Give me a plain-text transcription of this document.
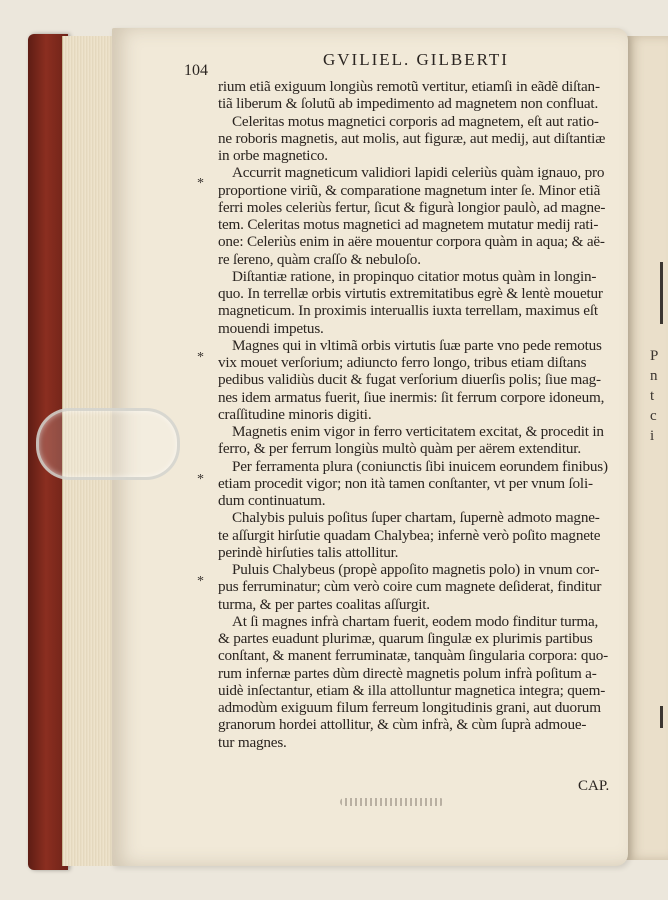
P
n
t
c
i
104
GVILIEL. GILBERTI
*
*
*
*
rium etiã exiguum longiùs remotũ vertitur, etiamſi in eãdẽ diſtan-
tiã liberum & ſolutũ ab impedimento ad magnetem non confluat.
Celeritas motus magnetici corporis ad magnetem, eſt aut ratio-
ne roboris magnetis, aut molis, aut figuræ, aut medij, aut diſtantiæ
in orbe magnetico.
Accurrit magneticum validiori lapidi celeriùs quàm ignauo, pro
proportione viriũ, & comparatione magnetum inter ſe. Minor etiã
ferri moles celeriùs fertur, ſicut & figurà longior paulò, ad magne-
tem. Celeritas motus magnetici ad magnetem mutatur medij rati-
one: Celeriùs enim in aëre mouentur corpora quàm in aqua; & aë-
re ſereno, quàm craſſo & nebuloſo.
Diſtantiæ ratione, in propinquo citatior motus quàm in longin-
quo. In terrellæ orbis virtutis extremitatibus egrè & lentè mouetur
magneticum. In proximis interuallis iuxta terrellam, maximus eſt
mouendi impetus.
Magnes qui in vltimã orbis virtutis ſuæ parte vno pede remotus
vix mouet verſorium; adiuncto ferro longo, tribus etiam diſtans
pedibus validiùs ducit & fugat verſorium diuerſis polis; ſiue mag-
nes idem armatus fuerit, ſiue inermis: ſit ferrum corpore idoneum,
craſſitudine minoris digiti.
Magnetis enim vigor in ferro verticitatem excitat, & procedit in
ferro, & per ferrum longiùs multò quàm per aërem extenditur.
Per ferramenta plura (coniunctis ſibi inuicem eorundem finibus)
etiam procedit vigor; non ità tamen conſtanter, vt per vnum ſoli-
dum continuatum.
Chalybis puluis poſitus ſuper chartam, ſupernè admoto magne-
te aſſurgit hirſutie quadam Chalybea; infernè verò poſito magnete
perindè hirſuties talis attollitur.
Puluis Chalybeus (propè appoſito magnetis polo) in vnum cor-
pus ferruminatur; cùm verò coire cum magnete deſiderat, finditur
turma, & per partes coalitas aſſurgit.
At ſi magnes infrà chartam fuerit, eodem modo finditur turma,
& partes euadunt plurimæ, quarum ſingulæ ex plurimis partibus
conſtant, & manent ferruminatæ, tanquàm ſingularia corpora: quo-
rum infernæ partes dùm directè magnetis polum infrà poſitum a-
uidè inſectantur, etiam & illa attolluntur magnetica integra; quem-
admodùm exiguum filum ferreum longitudinis grani, aut duorum
granorum hordei attollitur, & cùm infrà, & cùm ſuprà admoue-
tur magnes.
CAP.
